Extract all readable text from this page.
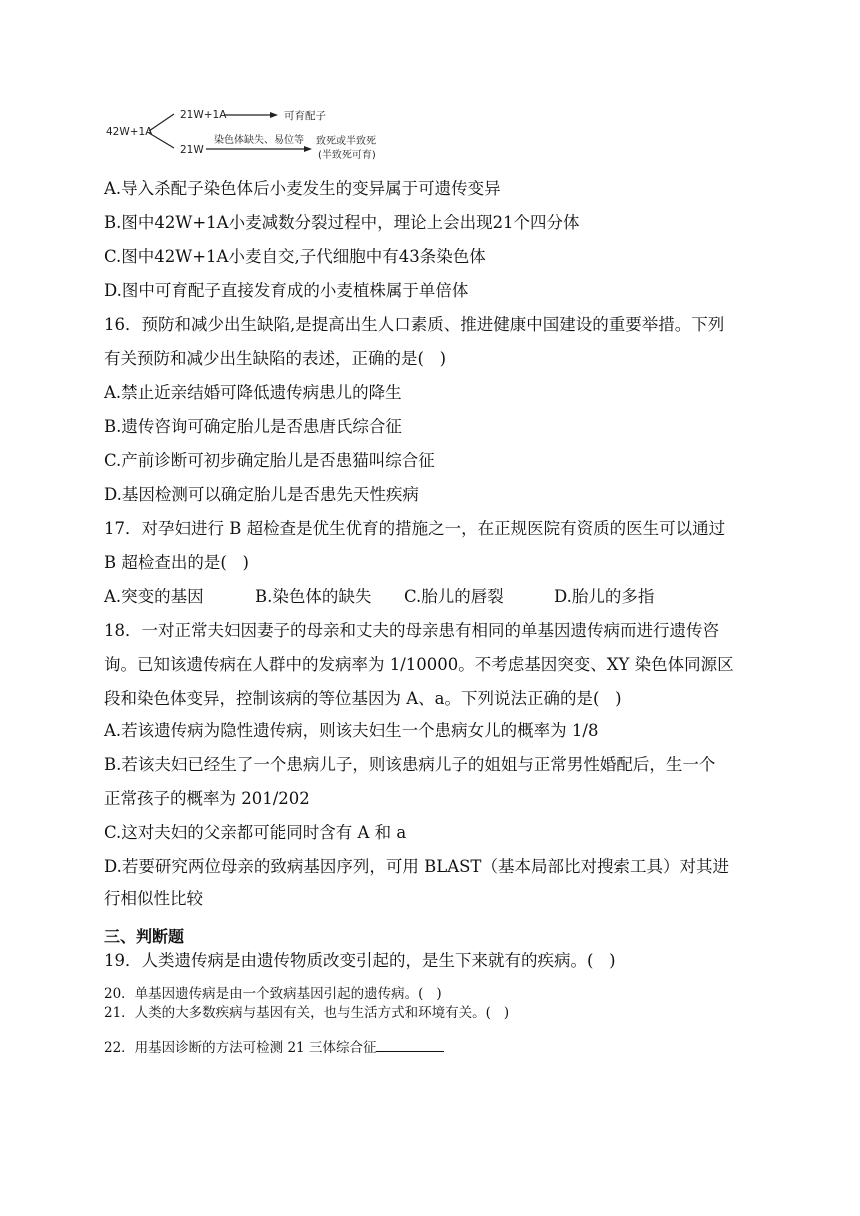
42W+1A
21W+1A	可育配子
21W
染色体缺失、易位等 致死或半致死
(半致死可育)
A.导入杀配子染色体后小麦发生的变异属于可遗传变异
B.图中42W+1A小麦减数分裂过程中，理论上会出现21个四分体
C.图中42W+1A小麦自交,子代细胞中有43条染色体
D.图中可育配子直接发育成的小麦植株属于单倍体
16．预防和减少出生缺陷,是提高出生人口素质、推进健康中国建设的重要举措。下列
有关预防和减少出生缺陷的表述，正确的是(   )
A.禁止近亲结婚可降低遗传病患儿的降生
B.遗传咨询可确定胎儿是否患唐氏综合征
C.产前诊断可初步确定胎儿是否患猫叫综合征
D.基因检测可以确定胎儿是否患先天性疾病
17．对孕妇进行 B 超检查是优生优育的措施之一，在正规医院有资质的医生可以通过
B 超检查出的是(   )
A.突变的基因	B.染色体的缺失 C.胎儿的唇裂	D.胎儿的多指
18．一对正常夫妇因妻子的母亲和丈夫的母亲患有相同的单基因遗传病而进行遗传咨
询。已知该遗传病在人群中的发病率为 1/10000。不考虑基因突变、XY 染色体同源区
段和染色体变异，控制该病的等位基因为 A、a。下列说法正确的是(   )
A.若该遗传病为隐性遗传病，则该夫妇生一个患病女儿的概率为 1/8
B.若该夫妇已经生了一个患病儿子，则该患病儿子的姐姐与正常男性婚配后，生一个
正常孩子的概率为 201/202
C.这对夫妇的父亲都可能同时含有 A 和 a
D.若要研究两位母亲的致病基因序列，可用 BLAST（基本局部比对搜索工具）对其进
行相似性比较
三、判断题
19．人类遗传病是由遗传物质改变引起的，是生下来就有的疾病。(   )
20．单基因遗传病是由一个致病基因引起的遗传病。(   )
21．人类的大多数疾病与基因有关，也与生活方式和环境有关。(   )
22．用基因诊断的方法可检测 21 三体综合征
